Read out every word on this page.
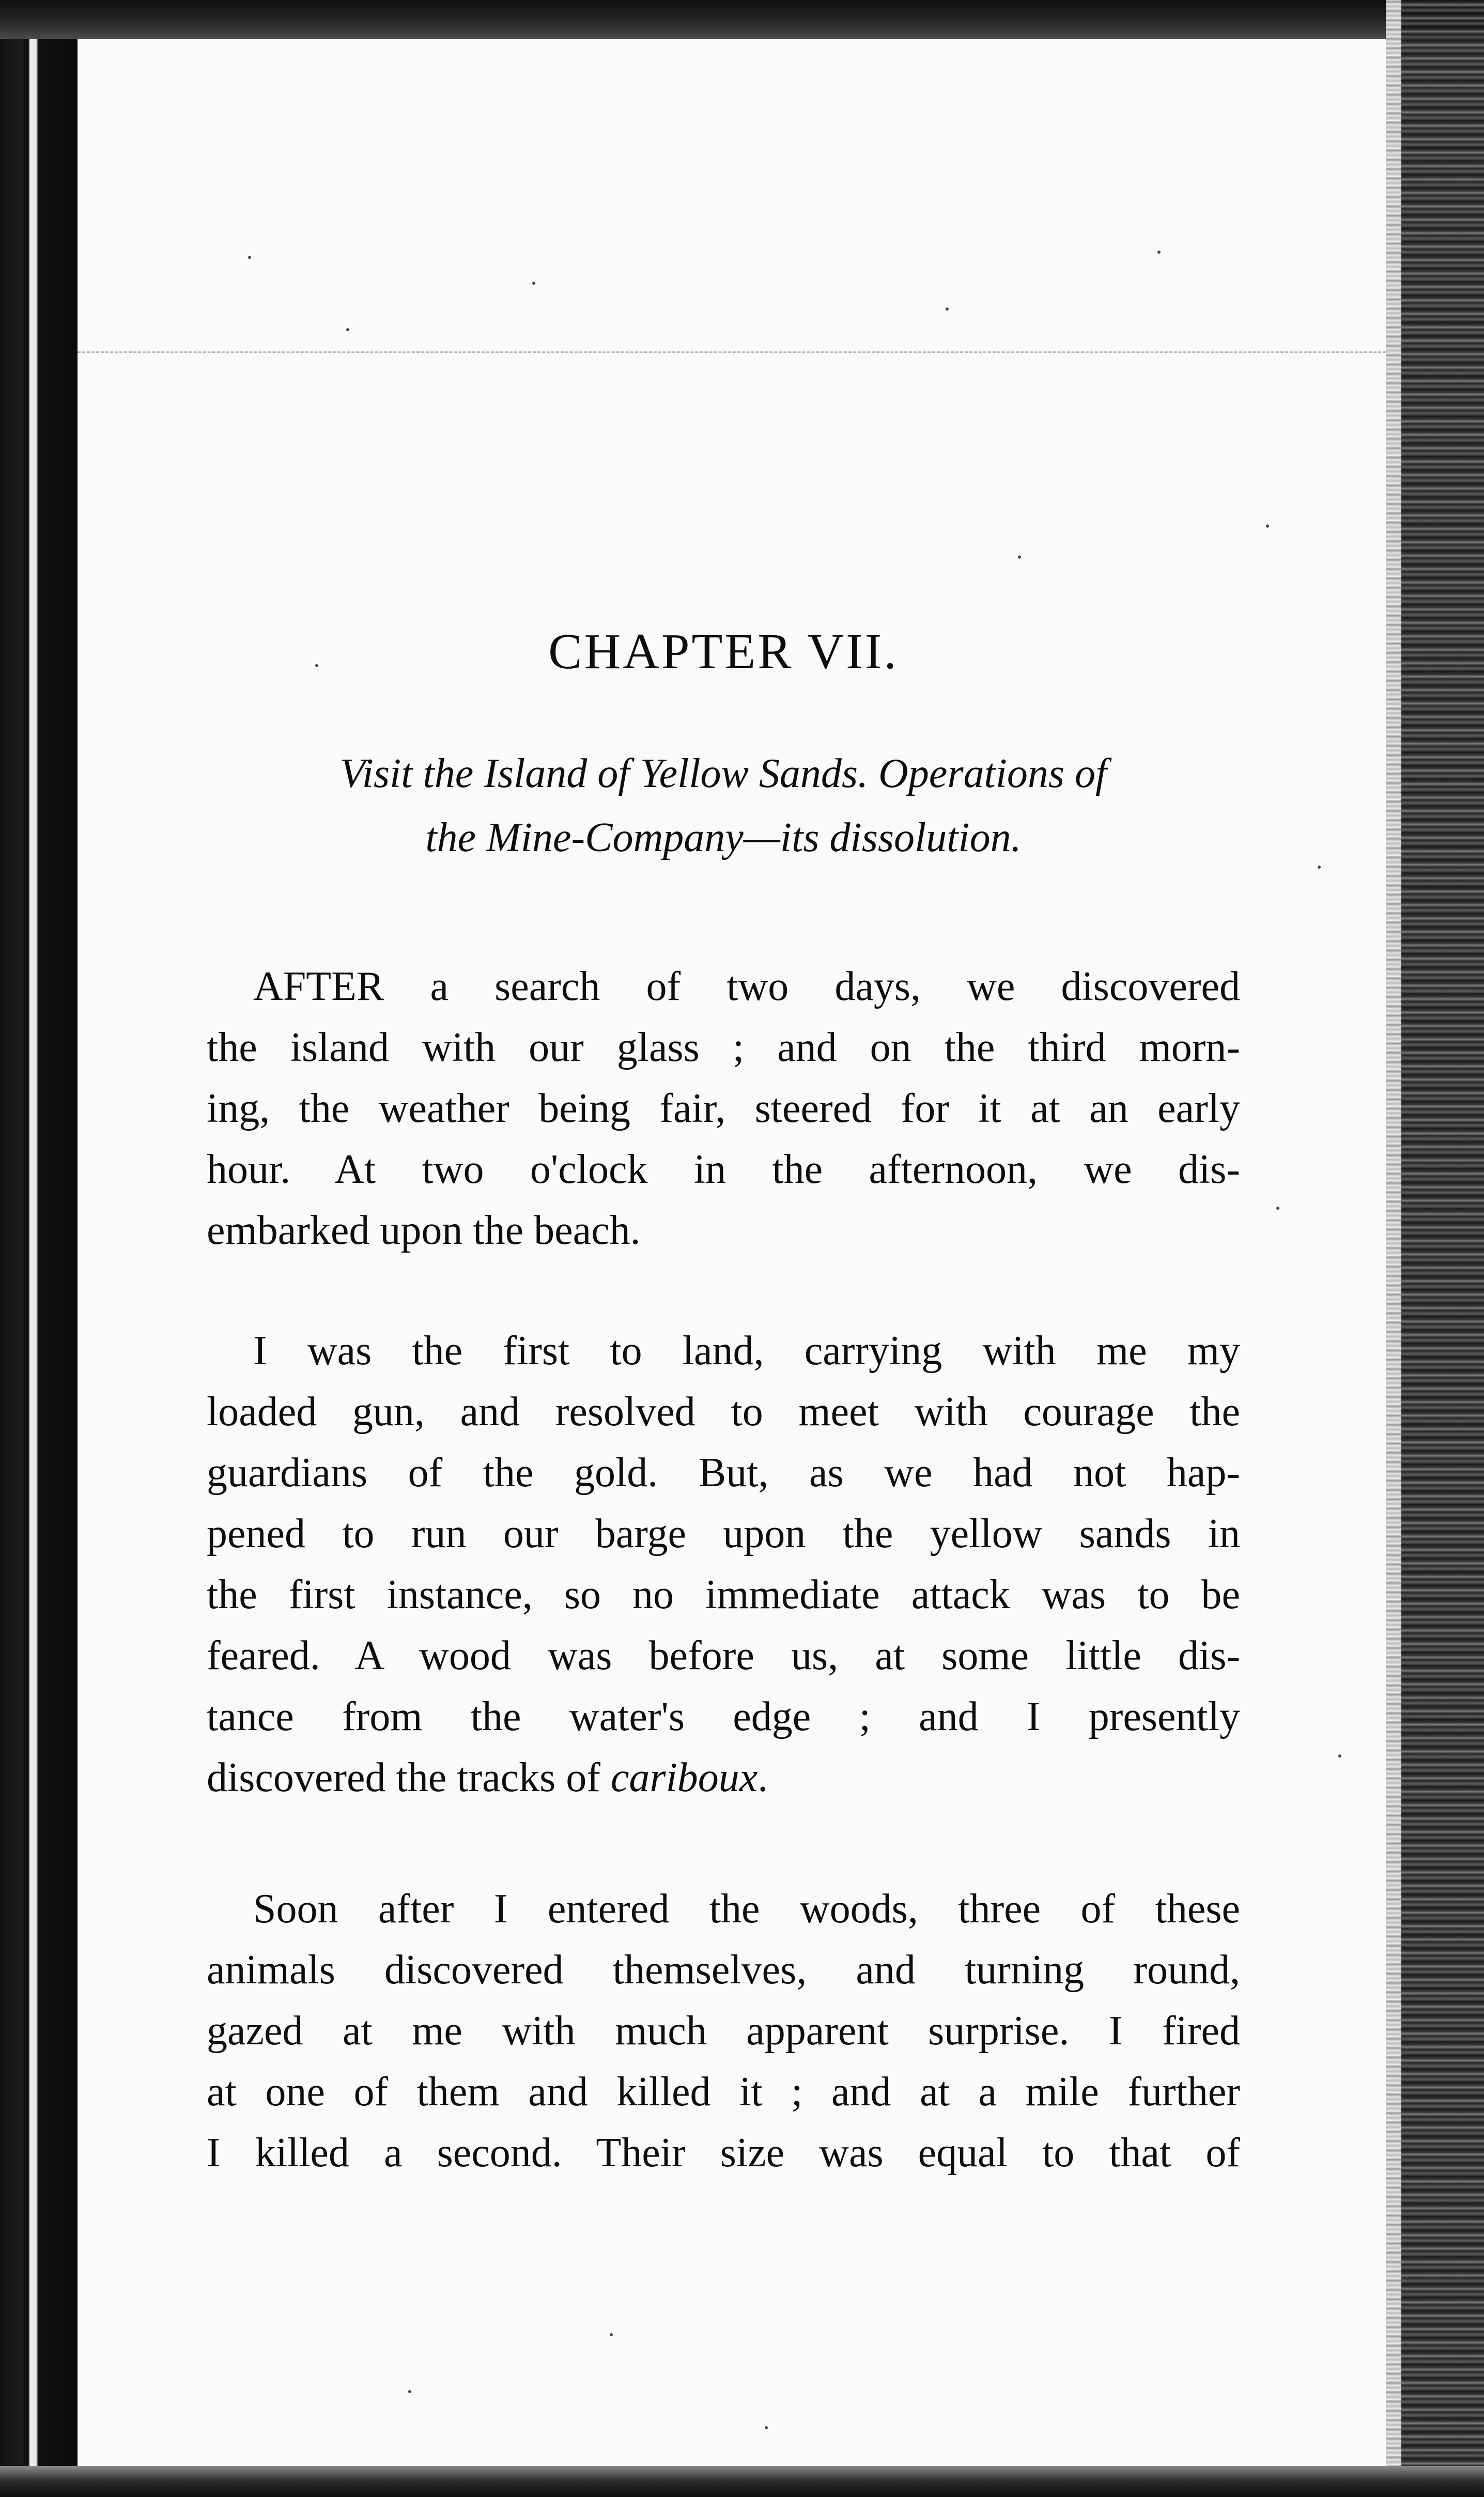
CHAPTER VII.

Visit the Island of Yellow Sands. Operations of
the Mine-Company—its dissolution.

AFTER a search of two days, we discovered
the island with our glass ; and on the third morn-
ing, the weather being fair, steered for it at an early
hour. At two o'clock in the afternoon, we dis-
embarked upon the beach.

I was the first to land, carrying with me my
loaded gun, and resolved to meet with courage the
guardians of the gold. But, as we had not hap-
pened to run our barge upon the yellow sands in
the first instance, so no immediate attack was to be
feared. A wood was before us, at some little dis-
tance from the water's edge ; and I presently
discovered the tracks of cariboux.

Soon after I entered the woods, three of these
animals discovered themselves, and turning round,
gazed at me with much apparent surprise. I fired
at one of them and killed it ; and at a mile further
I killed a second. Their size was equal to that of
